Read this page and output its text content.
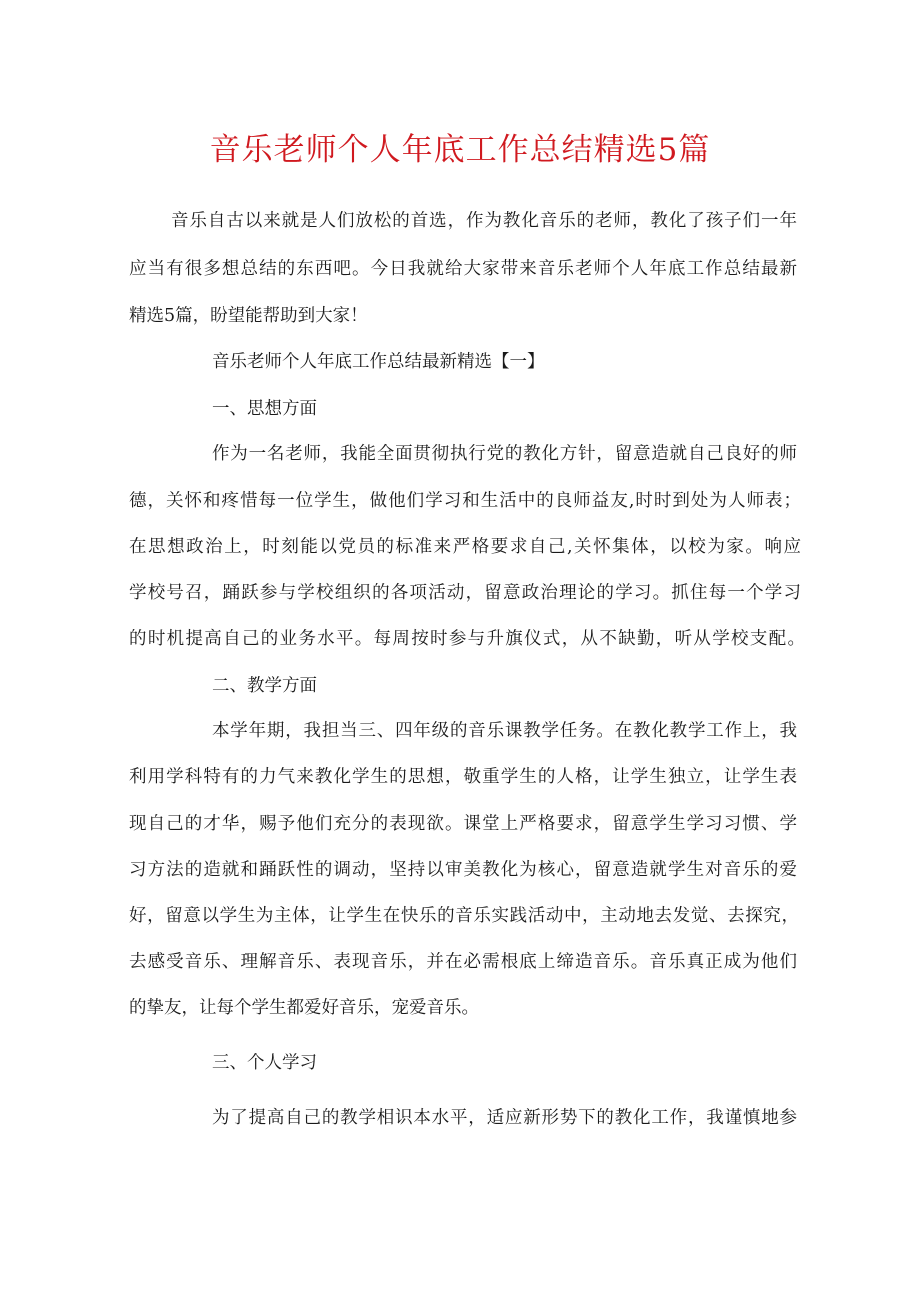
音乐老师个人年底工作总结精选5篇

音乐自古以来就是人们放松的首选，作为教化音乐的老师，教化了孩子们一年

应当有很多想总结的东西吧。今日我就给大家带来音乐老师个人年底工作总结最新

精选5篇，盼望能帮助到大家！

音乐老师个人年底工作总结最新精选【一】

一、思想方面

作为一名老师，我能全面贯彻执行党的教化方针，留意造就自己良好的师

德，关怀和疼惜每一位学生，做他们学习和生活中的良师益友,时时到处为人师表；

在思想政治上，时刻能以党员的标准来严格要求自己,关怀集体，以校为家。响应

学校号召，踊跃参与学校组织的各项活动，留意政治理论的学习。抓住每一个学习

的时机提高自己的业务水平。每周按时参与升旗仪式，从不缺勤，听从学校支配。

二、教学方面

本学年期，我担当三、四年级的音乐课教学任务。在教化教学工作上，我

利用学科特有的力气来教化学生的思想，敬重学生的人格，让学生独立，让学生表

现自己的才华，赐予他们充分的表现欲。课堂上严格要求，留意学生学习习惯、学

习方法的造就和踊跃性的调动，坚持以审美教化为核心，留意造就学生对音乐的爱

好，留意以学生为主体，让学生在快乐的音乐实践活动中，主动地去发觉、去探究，

去感受音乐、理解音乐、表现音乐，并在必需根底上缔造音乐。音乐真正成为他们

的挚友，让每个学生都爱好音乐，宠爱音乐。

三、个人学习

为了提高自己的教学相识本水平，适应新形势下的教化工作，我谨慎地参
